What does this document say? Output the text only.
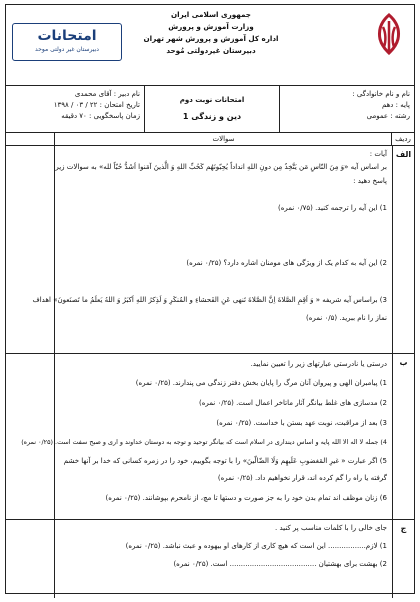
جمهوری اسلامی ایران
وزارت آموزش و پرورش
اداره کل آموزش و پرورش شهر تهران
دبیرستان غیردولتی مُوحد
امتحانات
دبیرستان غیر دولتی موحد
نام و نام خانوادگی :
پایه : دهم
رشته : عمومی
امتحانات نوبت دوم
دین و زندگی 1
نام دبیر : آقای محمدی
تاریخ امتحان : ۲۲ / ۰۳ / ۱۳۹۸
زمان پاسخگویی : ۷۰ دقیقه
ردیف
سوالات
الف
آیات :
بر اساس آیه «وَ مِنَ النّاسِ مَن یَتَّخِذُ مِن دونِ اللهِ انداداً یُحِبّونَهُم کَحُبِّ اللهِ وَ الَّذینَ آمَنوا اَشَدُّ حُبّاً لله» به سوالات زیر
پاسخ دهید :
1) این آیه را ترجمه کنید. (۰/۷۵ نمره)
2) این آیه به کدام یک از ویژگی های مومنان اشاره دارد؟ (۰/۲۵ نمره)
3) براساس آیه شریفه « وَ اَقِمِ الصَّلاةَ اِنَّ الصَّلاةَ تَنهی عَنِ الفَحشاءِ و المُنکَرِ وَ لَذِکرُ اللهِ اَکبَرُ وَ اللهُ یَعلَمُ ما تَصنَعونَ» اهداف
نماز را نام ببرید. (۰/۵ نمره)
ب
درستی یا نادرستی عبارتهای زیر را تعیین نمایید.
1) پیامبران الهی و پیروان آنان مرگ را پایان بخش دفتر زندگی می پندارند. (۰/۲۵ نمره)
2) مدسازی های غلط بیانگر آثار ماتاخر اعمال است. (۰/۲۵ نمره)
3) بعد از مراقبت، نوبت عهد بستن با خداست. (۰/۲۵ نمره)
4) جمله لا اله الا الله پایه و اساس دینداری در اسلام است که بیانگر توحید و توجه به دوستان خداوند و اری و صبح سفت است. (۰/۲۵ نمره)
5) اگر عبارت « غیرِ المَغضوبِ عَلَیهِم وَلَا الضّالّینَ» را با توجه بگوییم، خود را در زمره کسانی که خدا بر آنها خشم
گرفته یا راه را گم کرده اند، قرار نخواهیم داد. (۰/۲۵ نمره)
6) زنان موظف اند تمام بدن خود را به جز صورت و دستها تا مچ، از نامحرم بپوشانند. (۰/۲۵ نمره)
ج
جای خالی را با کلمات مناسب پر کنید .
1) لازم................. این است که هیچ کاری از کارهای او بیهوده و عبث نباشد. (۰/۲۵ نمره)
2) بهشت برای بهشتیان ....................................... است. (۰/۲۵ نمره)
